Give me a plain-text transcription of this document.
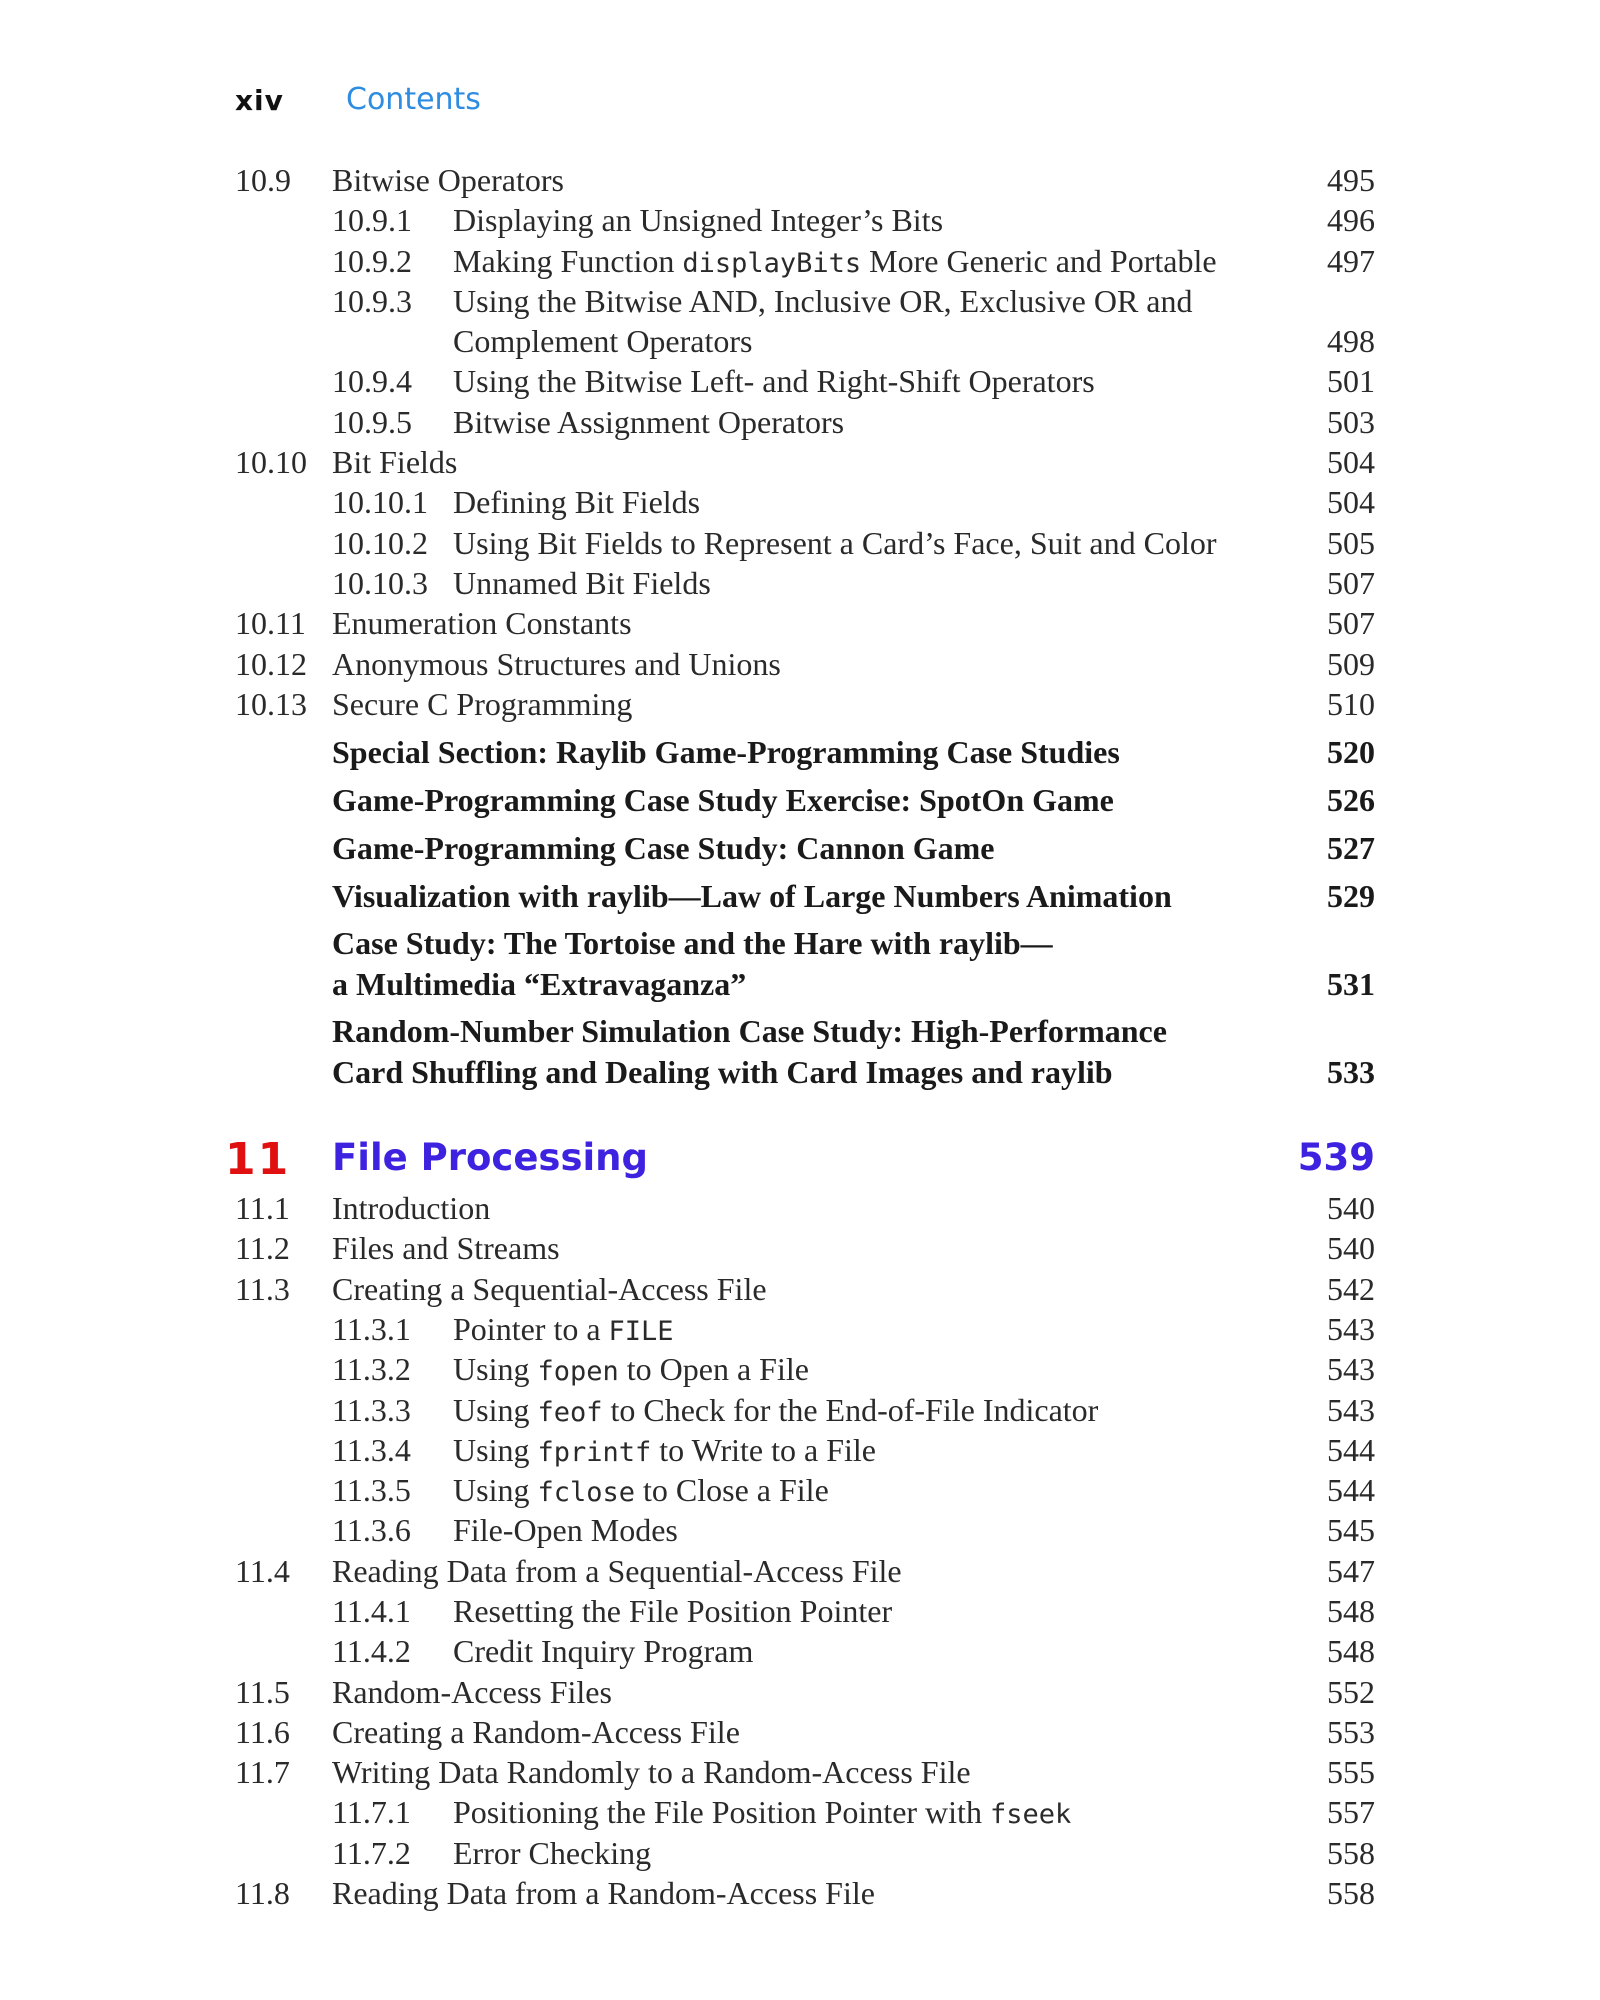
xiv Contents
10.9 Bitwise Operators	495
10.9.1 Displaying an Unsigned Integer’s Bits	496
10.9.2 Making Function displayBits More Generic and Portable	497
10.9.3 Using the Bitwise AND, Inclusive OR, Exclusive OR and
Complement Operators	498
10.9.4 Using the Bitwise Left- and Right-Shift Operators	501
10.9.5 Bitwise Assignment Operators	503
10.10 Bit Fields	504
10.10.1 Defining Bit Fields	504
10.10.2 Using Bit Fields to Represent a Card’s Face, Suit and Color	505
10.10.3 Unnamed Bit Fields	507
10.11 Enumeration Constants	507
10.12 Anonymous Structures and Unions	509
10.13 Secure C Programming	510
Special Section: Raylib Game-Programming Case Studies	520
Game-Programming Case Study Exercise: SpotOn Game	526
Game-Programming Case Study: Cannon Game	527
Visualization with raylib—Law of Large Numbers Animation	529
Case Study: The Tortoise and the Hare with raylib—
a Multimedia “Extravaganza”	531
Random-Number Simulation Case Study: High-Performance
Card Shuffling and Dealing with Card Images and raylib	533
11 File Processing	539
11.1 Introduction	540
11.2 Files and Streams	540
11.3 Creating a Sequential-Access File	542
11.3.1 Pointer to a FILE	543
11.3.2 Using fopen to Open a File	543
11.3.3 Using feof to Check for the End-of-File Indicator	543
11.3.4 Using fprintf to Write to a File	544
11.3.5 Using fclose to Close a File	544
11.3.6 File-Open Modes	545
11.4 Reading Data from a Sequential-Access File	547
11.4.1 Resetting the File Position Pointer	548
11.4.2 Credit Inquiry Program	548
11.5 Random-Access Files	552
11.6 Creating a Random-Access File	553
11.7 Writing Data Randomly to a Random-Access File	555
11.7.1 Positioning the File Position Pointer with fseek	557
11.7.2 Error Checking	558
11.8 Reading Data from a Random-Access File	558
